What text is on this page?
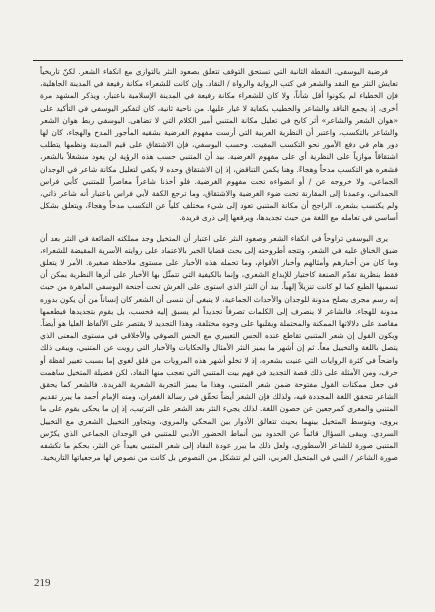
فرضية اليوسفي. النقطة الثانية التي تستحق التوقف تتعلق بصعود النثر بالتوازي مع انكفاء الشعر. لكنّ تاريخياً تعايش النثر مع النقد والشعر في كتب الرواية والرواة / النقاد. وإن كانت للشعراء مكانة رفيعة في المدينة الجاهلية، فإن الخطباء لم يكونوا أقل شأناً، ولا كان للشعراء مكانة رفيعة في المدينة الإسلامية باعتبار، ويذكر المشهد مرة أخرى، إذ يجمع الناقد والشاعر والخطيب بكفاية لا غبار عليها. من ناحية ثانية، كان لتفكير اليوسفي في التأكيد على «هوان الشعر والشاعر» أثر كابح في تعليل مكانة المتنبي أمير الكلام التي لا تضاهى. اليوسفي ربط هوان الشعر والشاعر بالتكسب، واعتبر أن النظرية العربية التي أرست مفهوم الفرضية بشقيه المأجور المدح والهجاء، كان لها دور هام في دفع الأمور نحو التكسب المقيت. وحسب اليوسفي، فإن الاشتقاق على قيم المدينة ونظمها يتطلب اشتقاقاً موازياً على النظرية أي على مفهوم الغرضية. بيد أن المتنبي حسب هذه الرؤية لن يعود منشغلاً بالشعر، فشعره هو التكسب مدحاً وهجاءً. وهنا يكمن التناقض، إذ إن الاشتقاق وحده لا يكفي لتعليل مكانة شاعر في الوجدان الجماعي، ولا خروجه عن / أو انضواءه تحت مفهوم الغرضية. فلو أخذنا شاعراً معاصراً للمتنبي كأبي فراس الحمداني، وعمدنا إلى المقارنة تحت ضوء الغرضية والاشتقاق، وما ترجع الكفة لأبي فراس باعتبار أنه شاعر ذاتي، ولم يكتسب بشعره. الراجح أن مكانة المتنبي تعود إلى شيء مختلف كلياً عن التكسب مدحاً وهجاءً، ويتعلق بشكل أساسي في تعامله مع اللغة من حيث تجديدها، ويرفعها إلى ذرى فريدة.

يرى اليوسفي تراوحاً في انكفاء الشعر وصعود النثر على اعتبار أن المتخيل وجد مملكته الضائعة في النثر بعد أن ضيق الخناق عليه في الشعر، وتتجه أطروحته إلى بحث قضايا الخبر بالاعتماد على روايته الأسرية المقيضة للشعراء، وما كان من أخبارهم وأمثالهم وأخبار الأقوام، وما تحمله هذه الأخبار على مستوى ملاحظة صغيرة. الأمر لا يتعلق فقط بنظرية تقدّم الصنعة كاختيار للإبداع الشعري، وإنما بالكيفية التي تتمثّل بها الأخبار على أثرها النظرية يمكن أن تسميها الطبع كما لو كانت تنزيلاً إلهياً. بيد أن النثر الذي استوى على العرش تحت أجنحة اليوسفي الماهرة من حيث إنه رسم مجرى يصلح مدونة للوجدان والأحداث الجماعية، لا ينبغي أن ننسى أن الشعر كان إنساناً من أن يكون بدوره مدونة للهجاء. فالشاعر لا ينصرف إلى الكلمات تصرفاً تجديداً لم يسبق إليه فحسب، بل يقوم بتجديدها فيطعمها مقاصد على دلالاتها الممكنة والمحتملة ويقلبها على وجوه مختلفة، وهذا التجديد لا يقتصر على الألفاظ العليا هو أيضاً. ويكون القول إن شعر المتنبي تقاطع عنده الحس التعبيري مع الحس الصوفي والأخلاقي في مستوى المعنى الذي يتصل باللغة والتخييل معاً. ثم إن أشهر ما يميز النثر الأمثال والحكايات والأخبار التي رويت عن المتنبي، ويبقى ذلك واضحاً في كثرة الروايات التي عنيت بشعره، إذ لا تخلو أشهر هذه المرويات من قلق لغوي إما بسبب تغيير لفظة أو حرف، ومن الأمثلة على ذلك قصة التجديد في فهم بيت المتنبي التي تعجب منها النقاد، لكن فضيلة المتخيل ساهمت في جعل ممكنات القول مفتوحة ضمن شعر المتنبي، وهذا ما يميز التجربة الشعرية الفريدة. فالشعر كما يحقق الشاعر تتحقق اللغة المجددة فيه، ولذلك فإن الشعر أيضاً تحقّق في رسالة الغفران، ومنه الإمام أحمد ما يبرر تقديم المتنبي والمعري كمرجعين عن حصون اللغة. لذلك يجيء النثر بعد الشعر على الترتيب، إذ إن ما يحكى يقوم على ما يروى، ويتوسط المتخيل بينهما بحيث تتعالق الأدوار بين المحكي والمروي، ويتجاور التخييل الشعري مع التخييل السردي. ويبقى السؤال قائماً عن الحدود بين أنماط الحضور الأدبي للمتنبي في الوجدان الجماعي الذي يكرّس المتنبي صورة للشاعر الأسطوري، ولعل ذلك ما يبرر عودة النقاد إلى شعر المتنبي بعيداً عن النثر، بحكم ما تكشفه صورة الشاعر / النبي في المتخيل العربي، التي لم تتشكل من النصوص بل كانت من نصوص لها مرجعياتها التاريخية.

219
